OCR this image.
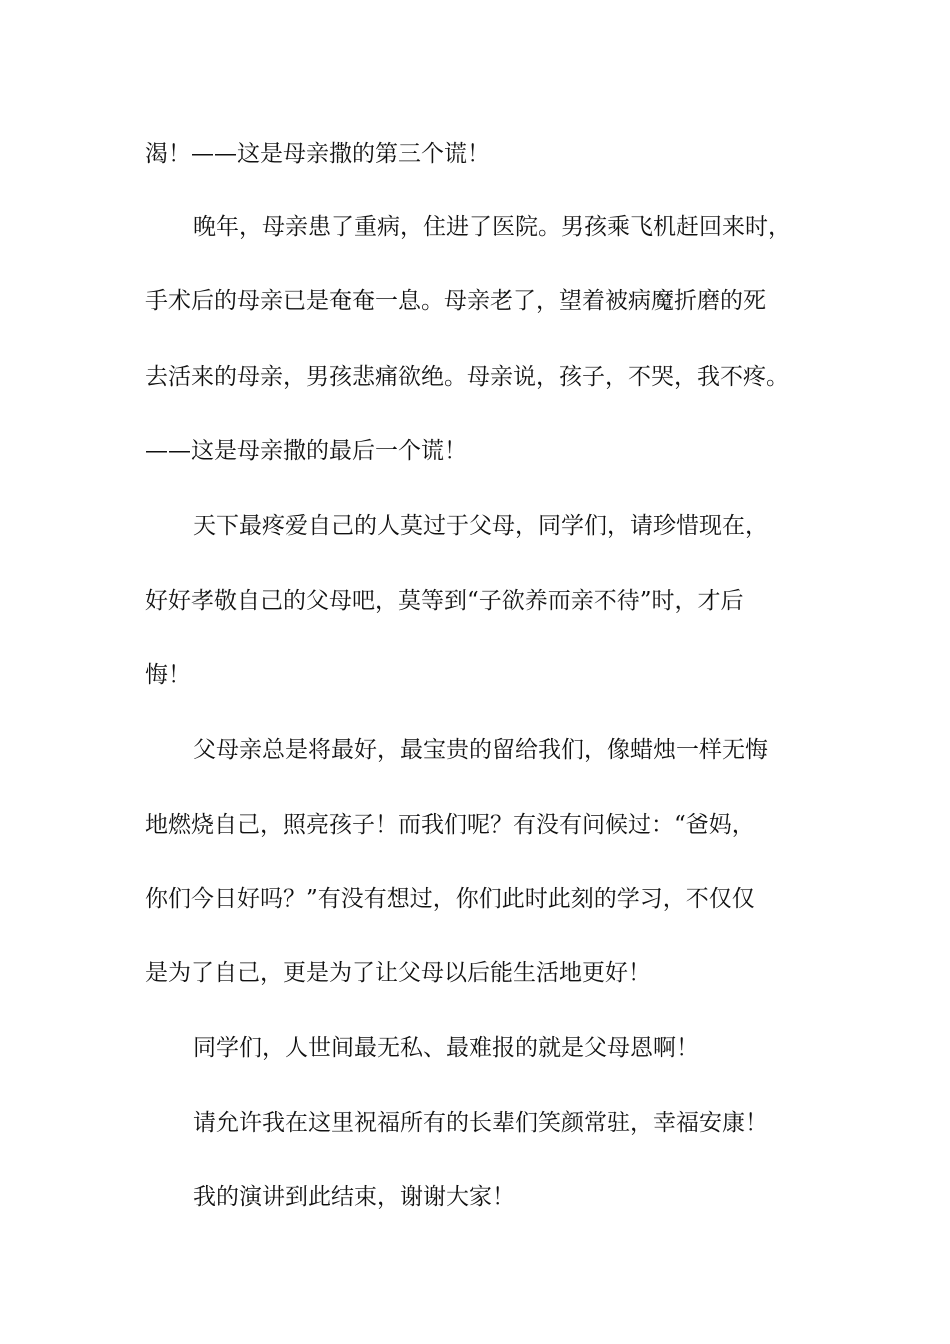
渴！——这是母亲撒的第三个谎！

晚年，母亲患了重病，住进了医院。男孩乘飞机赶回来时，

手术后的母亲已是奄奄一息。母亲老了，望着被病魔折磨的死

去活来的母亲，男孩悲痛欲绝。母亲说，孩子，不哭，我不疼。

——这是母亲撒的最后一个谎！

天下最疼爱自己的人莫过于父母，同学们，请珍惜现在，

好好孝敬自己的父母吧，莫等到“子欲养而亲不待”时，才后

悔！

父母亲总是将最好，最宝贵的留给我们，像蜡烛一样无悔

地燃烧自己，照亮孩子！而我们呢？有没有问候过：“爸妈，

你们今日好吗？”有没有想过，你们此时此刻的学习，不仅仅

是为了自己，更是为了让父母以后能生活地更好！

同学们，人世间最无私、最难报的就是父母恩啊！

请允许我在这里祝福所有的长辈们笑颜常驻，幸福安康！

我的演讲到此结束，谢谢大家！
